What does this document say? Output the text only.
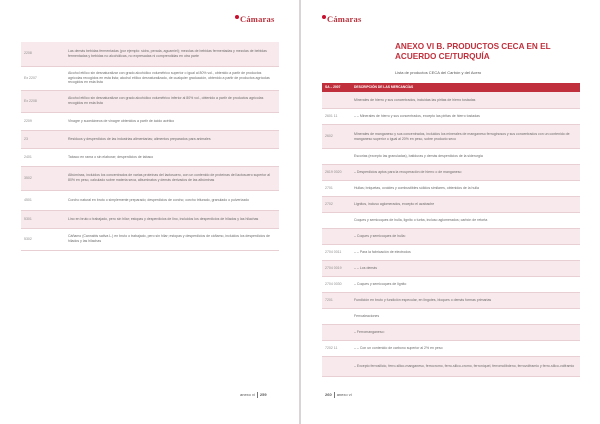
Cámaras
2208	Las demás bebidas fermentadas (por ejemplo: sidra, perada, aguamiel); mezclas de bebidas fermentadas y mezclas de bebidas fermentadas y bebidas no alcohólicas, no expresadas ni comprendidas en otra parte
Ex 2207	Alcohol etílico sin desnaturalizar con grado alcohólico volumétrico superior o igual al 80% vol., obtenido a partir de productos agrícolas recogidos en esta lista; alcohol etílico desnaturalizado, de cualquier graduación, obtenido a partir de productos agrícolas recogidos en esta lista
Ex 2208	Alcohol etílico sin desnaturalizar con grado alcohólico volumétrico inferior al 80% vol., obtenido a partir de productos agrícolas recogidos en esta lista
2209	Vinagre y sucedáneos de vinagre obtenidos a partir de ácido acético
23	Residuos y desperdicios de las industrias alimentarias; alimentos preparados para animales
2401	Tabaco en rama o sin elaborar; desperdicios de tabaco
3502	Albúminas, incluidos los concentrados de varias proteínas del lactosuero, con un contenido de proteínas del lactosuero superior al 80% en peso, calculado sobre materia seca, albuminatos y demás derivados de las albúminas
4501	Corcho natural en bruto o simplemente preparado; desperdicios de corcho; corcho triturado, granulado o pulverizado
5301	Lino en bruto o trabajado, pero sin hilar; estopas y desperdicios de lino, incluidos los desperdicios de hilados y las hilachas
5302	Cáñamo (Cannabis sativa L.) en bruto o trabajado, pero sin hilar; estopas y desperdicios de cáñamo, incluidos los desperdicios de hilados y las hilachas
anexo vi 259
Cámaras
ANEXO VI B. PRODUCTOS CECA EN EL ACUERDO CE/TURQUÍA
Lista de productos CECA del Carbón y del Acero
SA – 2007	DESCRIPCIÓN DE LAS MERCANCÍAS
	Minerales de hierro y sus concentrados, incluidas las piritas de hierro tostadas
2601 11	– – Minerales de hierro y sus concentrados, excepto las piritas de hierro tostadas
2602	Minerales de manganeso y sus concentrados, incluidos los minerales de manganeso ferruginosos y sus concentrados con un contenido de manganeso superior o igual al 20% en peso, sobre producto seco
	Escorias (excepto las granuladas), batiduras y demás desperdicios de la siderurgia
2619 0020	– Desperdicios aptos para la recuperación de hierro o de manganeso
2701	Hullas; briquetas, ovoides y combustibles sólidos similares, obtenidos de la hulla
2702	Lignitos, incluso aglomerados, excepto el azabache
	Coques y semicoques de hulla, lignito o turba, incluso aglomerados; carbón de retorta
	– Coques y semicoques de hulla:
2704 0011	– – Para la fabricación de electrodos
2704 0019	– – Los demás
2704 0030	– Coques y semicoques de lignito
7201	Fundición en bruto y fundición especular, en lingotes, bloques o demás formas primarias
	Ferroaleaciones
	– Ferromanganeso:
7202 11	– – Con un contenido de carbono superior al 2% en peso
	– Excepto ferrosilicio, ferro-silico-manganeso, ferrocromo, ferro-silico-cromo, ferroníquel, ferromolibdeno, ferrovolframio y ferro-silico-volframio
260 anexo vi
